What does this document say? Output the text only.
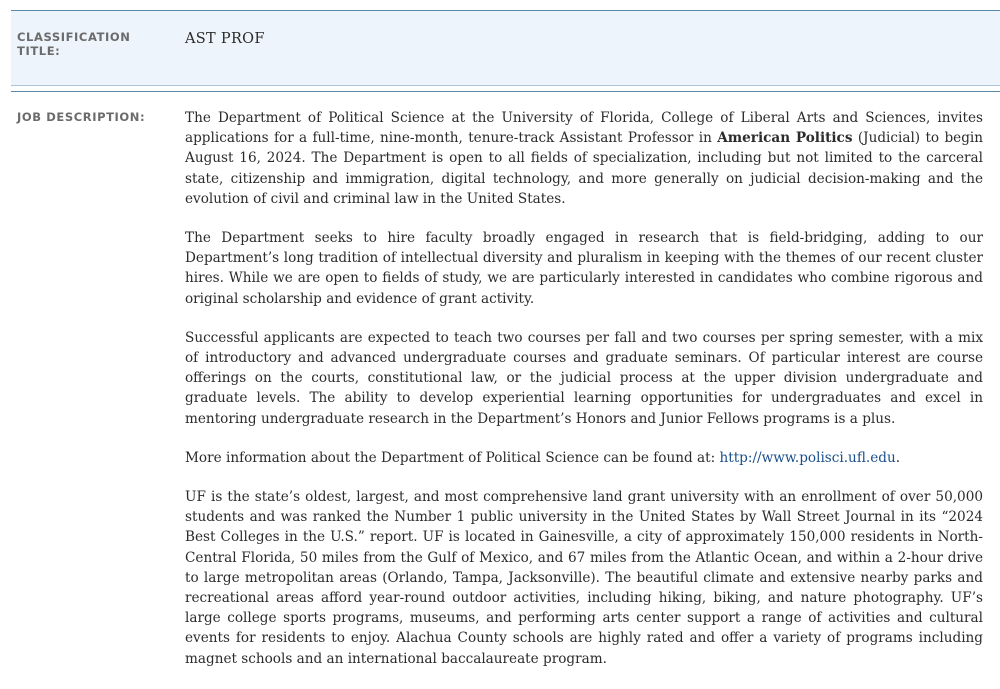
CLASSIFICATION TITLE:
AST PROF
JOB DESCRIPTION:	The Department of Political Science at the University of Florida, College of Liberal Arts and Sciences, invites applications for a full-time, nine-month, tenure-track Assistant Professor in American Politics (Judicial) to begin August 16, 2024. The Department is open to all fields of specialization, including but not limited to the carceral state, citizenship and immigration, digital technology, and more generally on judicial decision-making and the evolution of civil and criminal law in the United States.

The Department seeks to hire faculty broadly engaged in research that is field-bridging, adding to our Department’s long tradition of intellectual diversity and pluralism in keeping with the themes of our recent cluster hires. While we are open to fields of study, we are particularly interested in candidates who combine rigorous and original scholarship and evidence of grant activity.

Successful applicants are expected to teach two courses per fall and two courses per spring semester, with a mix of introductory and advanced undergraduate courses and graduate seminars. Of particular interest are course offerings on the courts, constitutional law, or the judicial process at the upper division undergraduate and graduate levels. The ability to develop experiential learning opportunities for undergraduates and excel in mentoring undergraduate research in the Department’s Honors and Junior Fellows programs is a plus.

More information about the Department of Political Science can be found at: http://www.polisci.ufl.edu.

UF is the state’s oldest, largest, and most comprehensive land grant university with an enrollment of over 50,000 students and was ranked the Number 1 public university in the United States by Wall Street Journal in its “2024 Best Colleges in the U.S.” report. UF is located in Gainesville, a city of approximately 150,000 residents in North-Central Florida, 50 miles from the Gulf of Mexico, and 67 miles from the Atlantic Ocean, and within a 2-hour drive to large metropolitan areas (Orlando, Tampa, Jacksonville). The beautiful climate and extensive nearby parks and recreational areas afford year-round outdoor activities, including hiking, biking, and nature photography. UF’s large college sports programs, museums, and performing arts center support a range of activities and cultural events for residents to enjoy. Alachua County schools are highly rated and offer a variety of programs including magnet schools and an international baccalaureate program.
